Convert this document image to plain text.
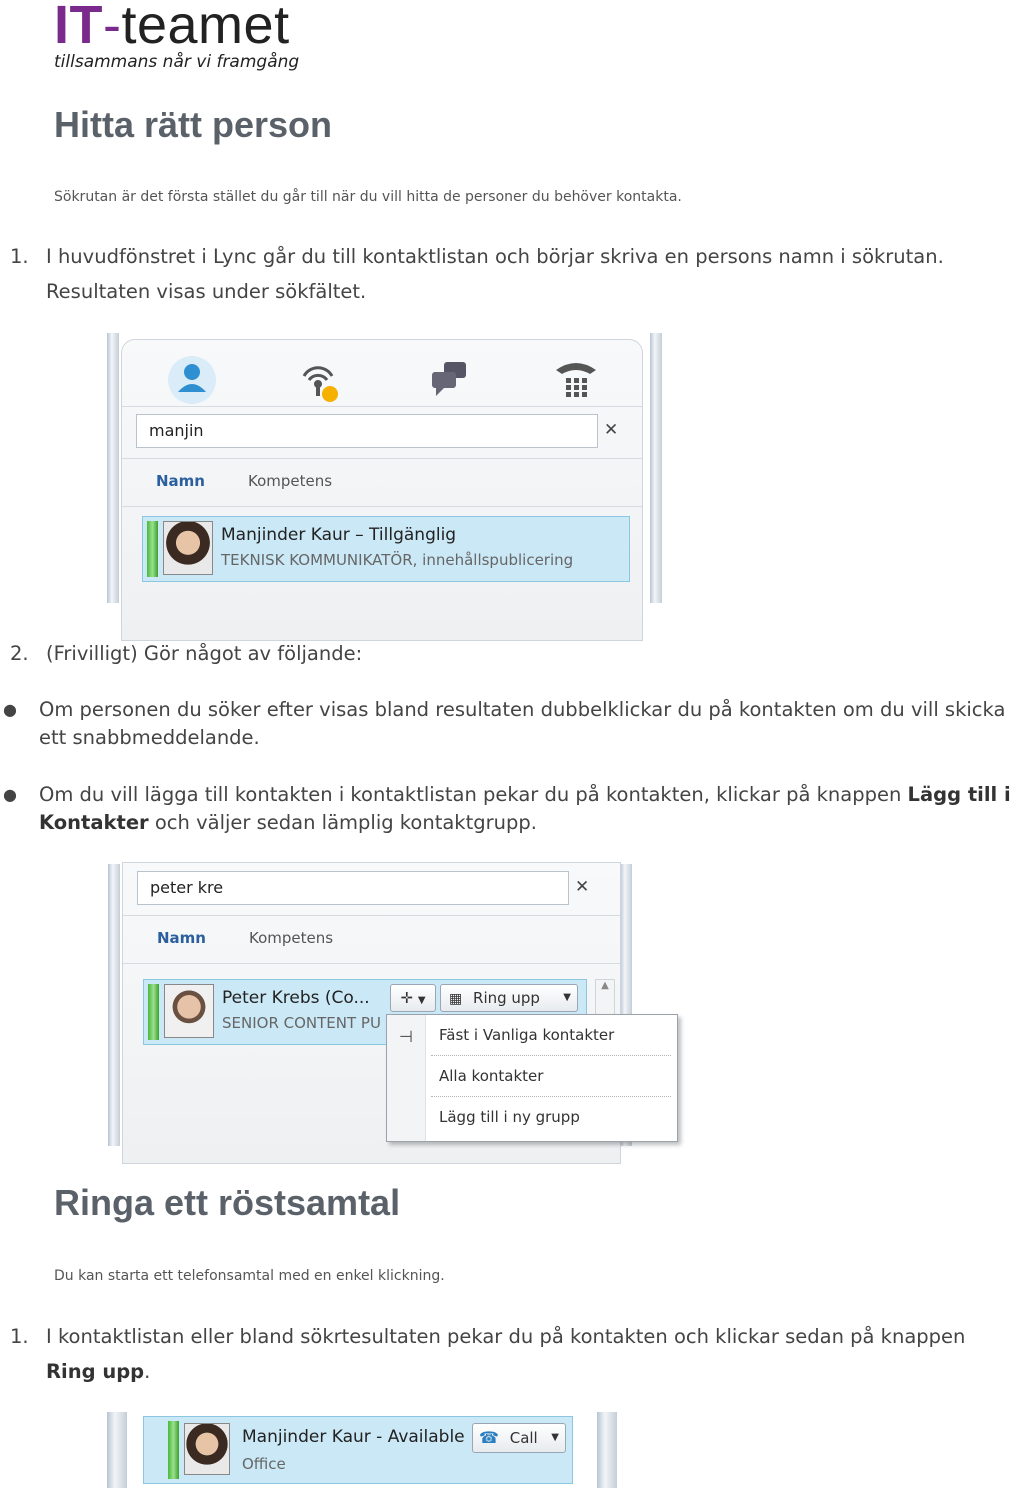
IT-teamet
tillsammans når vi framgång
Hitta rätt person
Sökrutan är det första stället du går till när du vill hitta de personer du behöver kontakta.
1. I huvudfönstret i Lync går du till kontaktlistan och börjar skriva en persons namn i sökrutan.
Resultaten visas under sökfältet.
manjin	✕
Namn	Kompetens
Manjinder Kaur – Tillgänglig
TEKNISK KOMMUNIKATÖR, innehållspublicering
2. (Frivilligt) Gör något av följande:
● Om personen du söker efter visas bland resultaten dubbelklickar du på kontakten om du vill skicka
ett snabbmeddelande.
● Om du vill lägga till kontakten i kontaktlistan pekar du på kontakten, klickar på knappen Lägg till i
Kontakter och väljer sedan lämplig kontaktgrupp.
peter kre	✕
Namn	Kompetens
Peter Krebs (Co...
SENIOR CONTENT PU
✛ ▼	▦ Ring upp ▼
▲
⊣ Fäst i Vanliga kontakter
Alla kontakter
Lägg till i ny grupp
Ringa ett röstsamtal
Du kan starta ett telefonsamtal med en enkel klickning.
1. I kontaktlistan eller bland sökrtesultaten pekar du på kontakten och klickar sedan på knappen
Ring upp.
Manjinder Kaur - Available
Office
☎ Call ▼
